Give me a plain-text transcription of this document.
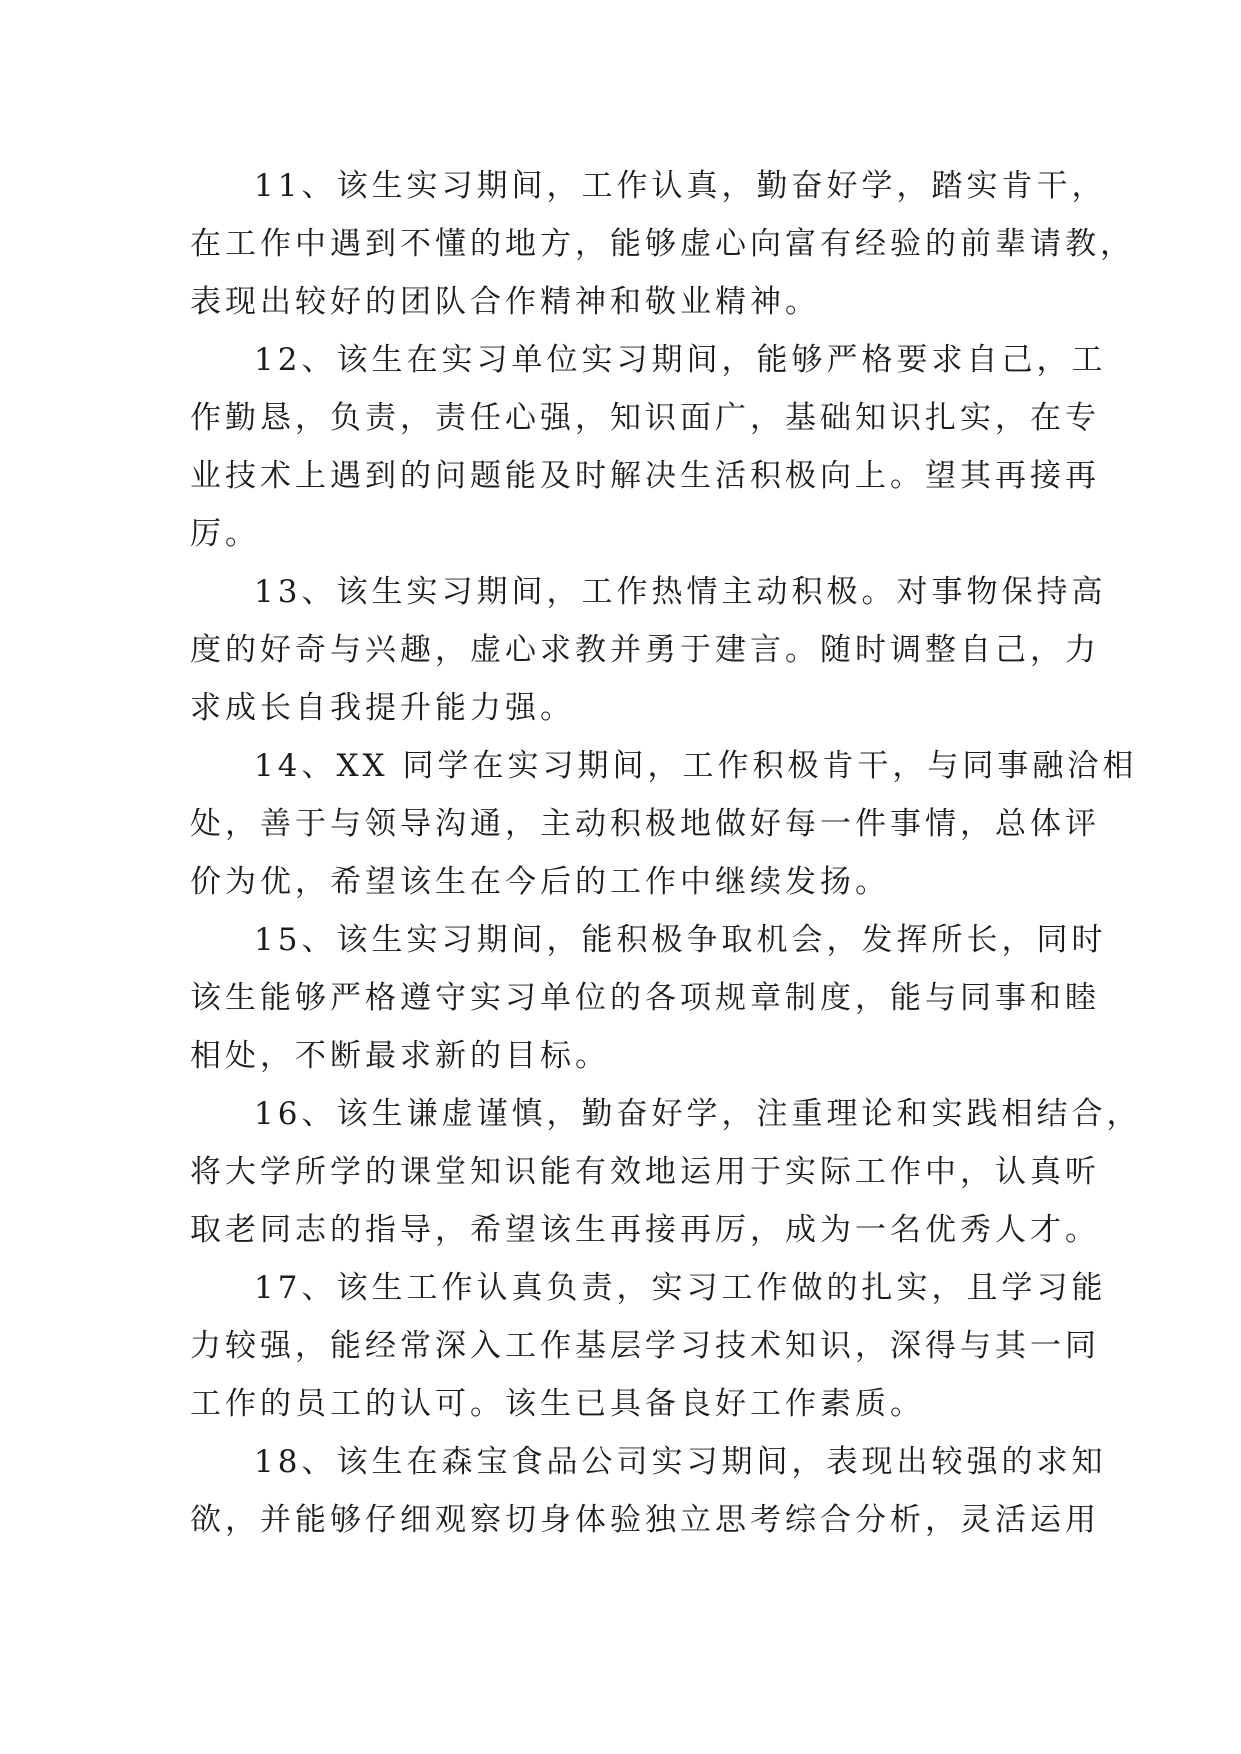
11、该生实习期间，工作认真，勤奋好学，踏实肯干，
在工作中遇到不懂的地方，能够虚心向富有经验的前辈请教，
表现出较好的团队合作精神和敬业精神。
12、该生在实习单位实习期间，能够严格要求自己，工
作勤恳，负责，责任心强，知识面广，基础知识扎实，在专
业技术上遇到的问题能及时解决生活积极向上。望其再接再
厉。
13、该生实习期间，工作热情主动积极。对事物保持高
度的好奇与兴趣，虚心求教并勇于建言。随时调整自己，力
求成长自我提升能力强。
14、XX 同学在实习期间，工作积极肯干，与同事融洽相
处，善于与领导沟通，主动积极地做好每一件事情，总体评
价为优，希望该生在今后的工作中继续发扬。
15、该生实习期间，能积极争取机会，发挥所长，同时
该生能够严格遵守实习单位的各项规章制度，能与同事和睦
相处，不断最求新的目标。
16、该生谦虚谨慎，勤奋好学，注重理论和实践相结合，
将大学所学的课堂知识能有效地运用于实际工作中，认真听
取老同志的指导，希望该生再接再厉，成为一名优秀人才。
17、该生工作认真负责，实习工作做的扎实，且学习能
力较强，能经常深入工作基层学习技术知识，深得与其一同
工作的员工的认可。该生已具备良好工作素质。
18、该生在森宝食品公司实习期间，表现出较强的求知
欲，并能够仔细观察切身体验独立思考综合分析，灵活运用
